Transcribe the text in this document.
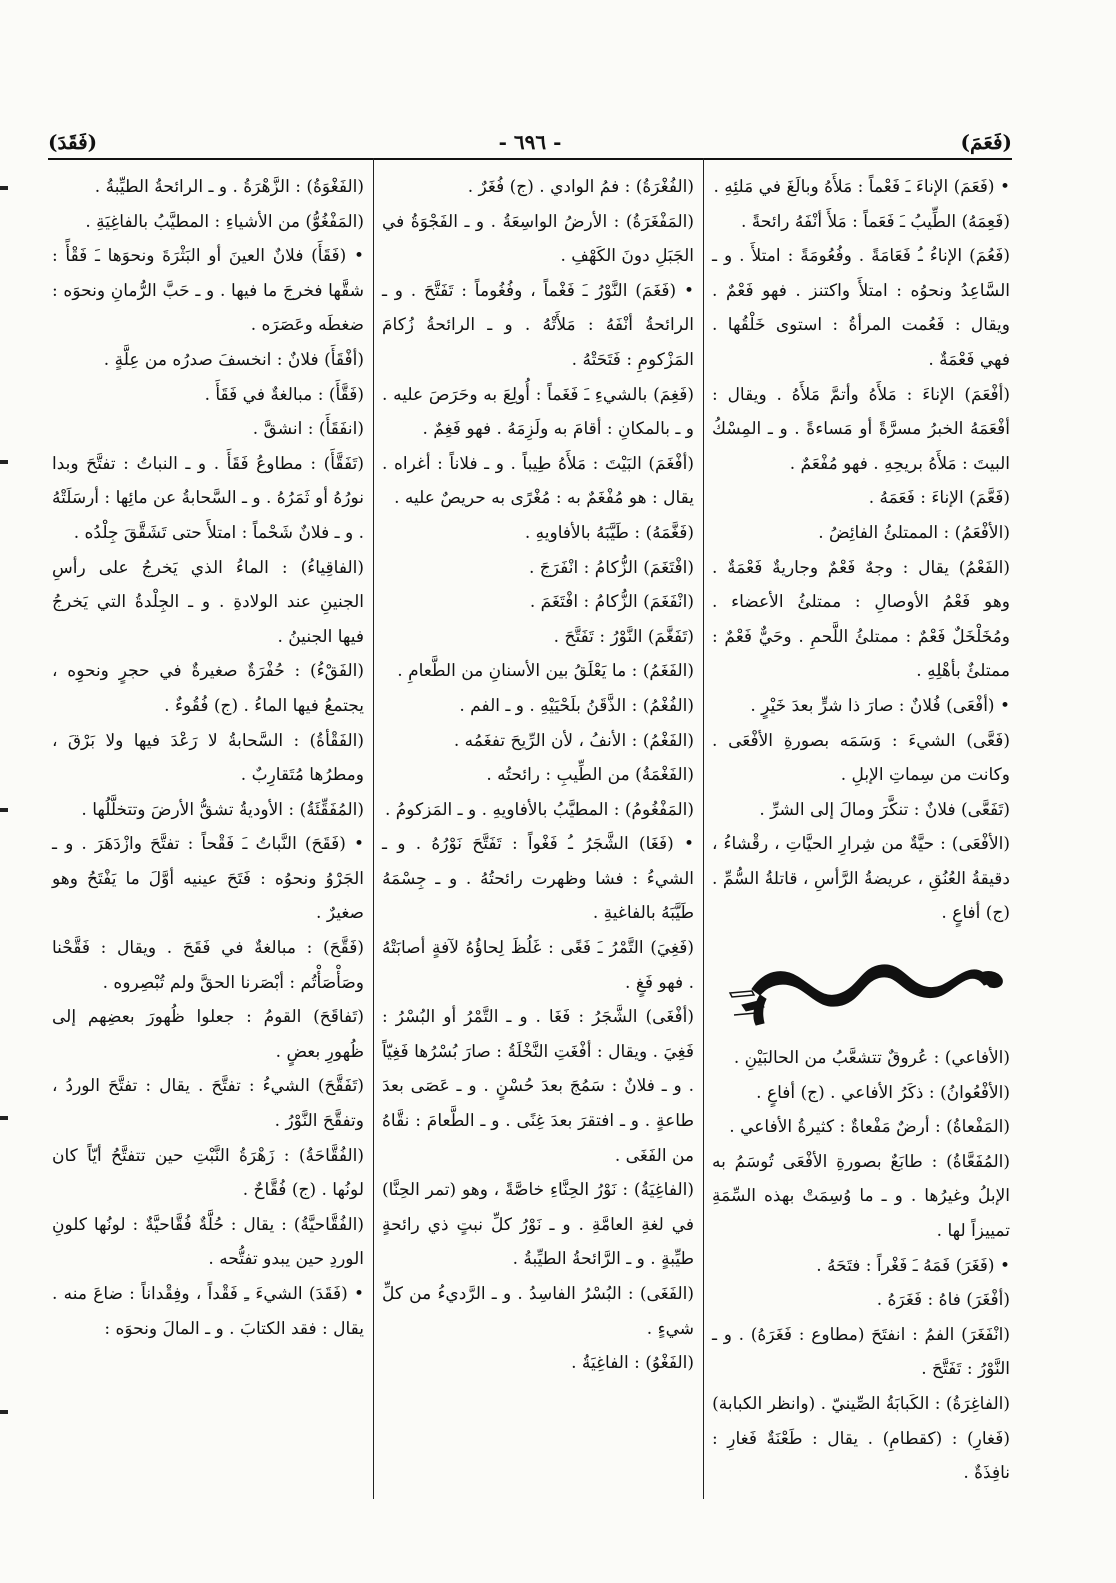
(فَعَمَ)
- ٦٩٦ -
(فَقَدَ)

• (فَعَمَ) الإناءَ ـَ فَعْماً : مَلأَهُ وبالَغَ في مَلئِهِ .

(فَعِمَهُ) الطِّيبُ ـَ فَعَماً : مَلأَ أنْفَهُ رائحةً .

(فَعُمَ) الإناءُ ـُ فَعَامَةً . وفُعُومَةً : امتلأَ . و ـ السَّاعِدُ ونحوُه : امتلأَ واكتنز . فهو فَعْمٌ . ويقال : فَعُمت المرأةُ : استوى خَلْقُها . فهي فَعْمَةٌ .

(أفْعَمَ) الإناءَ : مَلأَهُ وأتمَّ مَلأَهُ . ويقال : أفْعَمَهُ الخبرُ مسرَّةً أو مَساءةً . و ـ المِسْكُ البيتَ : مَلأَهُ بريحِهِ . فهو مُفْعَمٌ .

(فَعَّمَ) الإناءَ : فَعَمَهُ .

(الأفْعَمُ) : الممتلئُ الفائِضُ .

(الفَعْمُ) يقال : وجهٌ فَعْمٌ وجاريةٌ فَعْمَةٌ . وهو فَعْمُ الأوصالِ : ممتلئُ الأعضاء . ومُخَلْخَلٌ فَعْمٌ : ممتلئُ اللَّحمِ . وحَيٌّ فَعْمٌ : ممتلئٌ بأهْلِهِ .

• (أفْعَى) فُلانٌ : صارَ ذا شرٍّ بعدَ خَيْرٍ .

(فَعَّى) الشيءَ : وَسَمَه بصورةِ الأفْعَى . وكانت من سِماتِ الإبلِ .

(تَفَعَّى) فلانٌ : تنكَّرَ ومالَ إلى الشرِّ .

(الأفْعَى) : حيَّةٌ من شِرارِ الحيَّاتِ ، رقْشاءُ ، دقيقةُ العُنُقِ ، عريضةُ الرَّأسِ ، قاتلةُ السُّمِّ . (ج) أفاعٍ .

(الأفاعي) : عُروقٌ تتشعَّبُ من الحالبَيْنِ .

(الأفْعُوانُ) : ذكَرُ الأفاعي . (ج) أفاعٍ .

(المَفْعاةُ) : أرضٌ مَفْعاةٌ : كثيرةُ الأفاعي .

(المُفَعَّاةُ) : طابَعٌ بصورةِ الأفْعَى تُوسَمُ به الإبلُ وغيرُها . و ـ ما وُسِمَتْ بهذه السِّمَةِ تمييزاً لها .

• (فَغَرَ) فَمَهُ ـَ فَغْراً : فتَحَهُ .

(أفْغَرَ) فاهُ : فَغَرَهُ .

(انْفَغَرَ) الفمُ : انفتَحَ (مطاوع : فَغَرَهُ) . و ـ النَّوْرُ : تَفَتَّحَ .

(الفاغِرَةُ) : الكَبابَةُ الصِّينيّ . (وانظر الكبابة)

(فَغارِ) : (كقطامِ) . يقال : طَعْنَةٌ فَغارِ : نافِذَةٌ .

(الفُغْرَةُ) : فمُ الوادي . (ج) فُغَرٌ .

(المَفْغَرَةُ) : الأرضُ الواسِعَةُ . و ـ الفَجْوَةُ في الجَبَلِ دونَ الكَهْفِ .

• (فَغَمَ) النَّوْرُ ـَ فَغْماً ، وفُغُوماً : تَفَتَّحَ . و ـ الرائحةُ أنْفَهُ : مَلأَتْهُ . و ـ الرائحةُ زُكامَ المَزْكومِ : فَتَحَتْهُ .

(فَغِمَ) بالشيءِ ـَ فَغَماً : أُولِعَ به وحَرَصَ عليه . و ـ بالمكانِ : أقامَ به ولَزِمَهُ . فهو فَغِمٌ .

(أفْغَمَ) البَيْتَ : مَلأَهُ طِيباً . و ـ فلاناً : أغراه . يقال : هو مُفْغَمٌ به : مُغْرًى به حريصٌ عليه .

(فَغَّمَهُ) : طَيَّبَهُ بالأفاويهِ .

(افْتَغَمَ) الزُّكامُ : انْفَرَجَ .

(انْفَغَمَ) الزُّكامُ : افْتَغَمَ .

(تَفَغَّمَ) النَّوْرُ : تَفَتَّحَ .

(الفَغَمُ) : ما يَعْلَقُ بين الأسنانِ من الطَّعامِ .

(الفُغْمُ) : الذَّقَنُ بلَحْيَيْهِ . و ـ الفم .

(الفَغْمُ) : الأنفُ ، لأن الرِّيحَ تفغَمُه .

(الفَغْمَةُ) من الطِّيبِ : رائحتُه .

(المَفْغُومُ) : المطيَّبُ بالأفاويهِ . و ـ المَزكومُ .

• (فَغَا) الشَّجَرُ ـُ فَغْواً : تَفَتَّحَ نَوْرُهُ . و ـ الشيءُ : فشا وظهرت رائحتُهُ . و ـ جِسْمَهُ طَيَّبَهُ بالفاغيةِ .

(فَغِيَ) التَّمْرُ ـَ فَغًى : غَلُظَ لِحاؤُهُ لآفةٍ أصابَتْهُ . فهو فَغٍ .

(أفْغَى) الشَّجَرُ : فَغَا . و ـ التَّمْرُ أو البُسْرُ : فَغِيَ . ويقال : أفْغَتِ النَّخْلَةُ : صارَ بُسْرُها فَغِيّاً . و ـ فلانٌ : سَمُجَ بعدَ حُسْنٍ . و ـ عَصَى بعدَ طاعةٍ . و ـ افتقرَ بعدَ غِنًى . و ـ الطَّعامَ : نقَّاهُ من الفَغَى .

(الفاغِيَةُ) : نَوْرُ الحِنَّاءِ خاصَّةً ، وهو (تمر الحِنَّا) في لغةِ العامَّةِ . و ـ نَوْرُ كلِّ نبتٍ ذي رائحةٍ طيِّبةٍ . و ـ الرَّائحةُ الطيِّبةُ .

(الفَغَى) : البُسْرُ الفاسِدُ . و ـ الرَّديءُ من كلِّ شيءٍ .

(الفَغْوُ) : الفاغِيَةُ .

(الفَغْوَةُ) : الزَّهْرَةُ . و ـ الرائحةُ الطيِّبةُ .

(المَفْغُوُّ) من الأشياءِ : المطيَّبُ بالفاغِيَةِ .

• (فَقَأَ) فلانٌ العينَ أو البَثْرَةَ ونحوَها ـَ فَقْأً : شقَّها فخرجَ ما فيها . و ـ حَبَّ الرُّمانِ ونحوَه : ضغطَه وعَصَرَه .

(أفْقَأَ) فلانٌ : انخسفَ صدرُه من عِلَّةٍ .

(فَقَّأَ) : مبالغةٌ في فَقَأَ .

(انفَقَأَ) : انشقَّ .

(تَفَقَّأَ) : مطاوعُ فَقَأَ . و ـ النباتُ : تفتَّحَ وبدا نورُهُ أو ثَمَرُهُ . و ـ السَّحابةُ عن مائِها : أرسَلَتْهُ . و ـ فلانٌ شَحْماً : امتلأَ حتى تَشَقَّقَ جِلْدُه .

(الفاقِياءُ) : الماءُ الذي يَخرجُ على رأسِ الجنينِ عند الولادةِ . و ـ الجِلْدةُ التي يَخرجُ فيها الجنينُ .

(الفَقْءُ) : حُفْرَةٌ صغيرةٌ في حجرٍ ونحوِه ، يجتمعُ فيها الماءُ . (ج) فُقُوءٌ .

(الفَقْأةُ) : السَّحابةُ لا رَعْدَ فيها ولا بَرْقَ ، ومطرُها مُتَقارِبٌ .

(المُفَقِّئَةُ) : الأوديةُ تشقُّ الأرضَ وتتخلَّلُها .

• (فَقَحَ) النَّباتُ ـَ فَقْحاً : تفتَّحَ وازْدَهَرَ . و ـ الجَرْوُ ونحوُه : فَتَحَ عينيه أوَّلَ ما يَفْتَحُ وهو صغيرٌ .

(فَقَّحَ) : مبالغةٌ في فَقَحَ . ويقال : فَقَّحْنا وصَأْصَأْتُم : أبْصَرنا الحقَّ ولم تُبْصِروه .

(تَفاقَحَ) القومُ : جعلوا ظُهورَ بعضِهم إلى ظُهورِ بعضٍ .

(تَفَقَّحَ) الشيءُ : تفتَّحَ . يقال : تفتَّحَ الوردُ ، وتفقَّحَ النَّوْرُ .

(الفُقَّاحَةُ) : زَهْرَةُ النَّبْتِ حين تتفتَّحُ أيّاً كان لونُها . (ج) فُقَّاحٌ .

(الفُقَّاحيَّةُ) : يقال : حُلَّةٌ فُقَّاحيَّةٌ : لونُها كلونِ الوردِ حين يبدو تفتُّحه .

• (فَقَدَ) الشيءَ ـِ فَقْداً ، وفِقْداناً : ضاعَ منه . يقال : فقد الكتابَ . و ـ المالَ ونحوَه :
